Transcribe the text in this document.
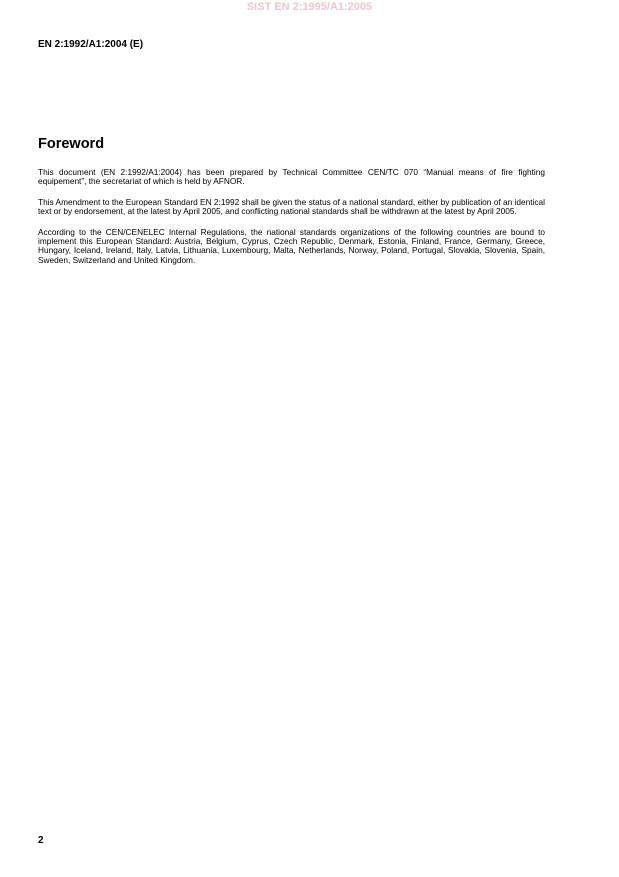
SIST EN 2:1995/A1:2005
EN 2:1992/A1:2004 (E)
Foreword

This document (EN 2:1992/A1:2004) has been prepared by Technical Committee CEN/TC 070 “Manual means of fire fighting equipement”, the secretariat of which is held by AFNOR.

This Amendment to the European Standard EN 2:1992 shall be given the status of a national standard, either by publication of an identical text or by endorsement, at the latest by April 2005, and conflicting national standards shall be withdrawn at the latest by April 2005.

According to the CEN/CENELEC Internal Regulations, the national standards organizations of the following countries are bound to implement this European Standard: Austria, Belgium, Cyprus, Czech Republic, Denmark, Estonia, Finland, France, Germany, Greece, Hungary, Iceland, Ireland, Italy, Latvia, Lithuania, Luxembourg, Malta, Netherlands, Norway, Poland, Portugal, Slovakia, Slovenia, Spain, Sweden, Switzerland and United Kingdom.

2
